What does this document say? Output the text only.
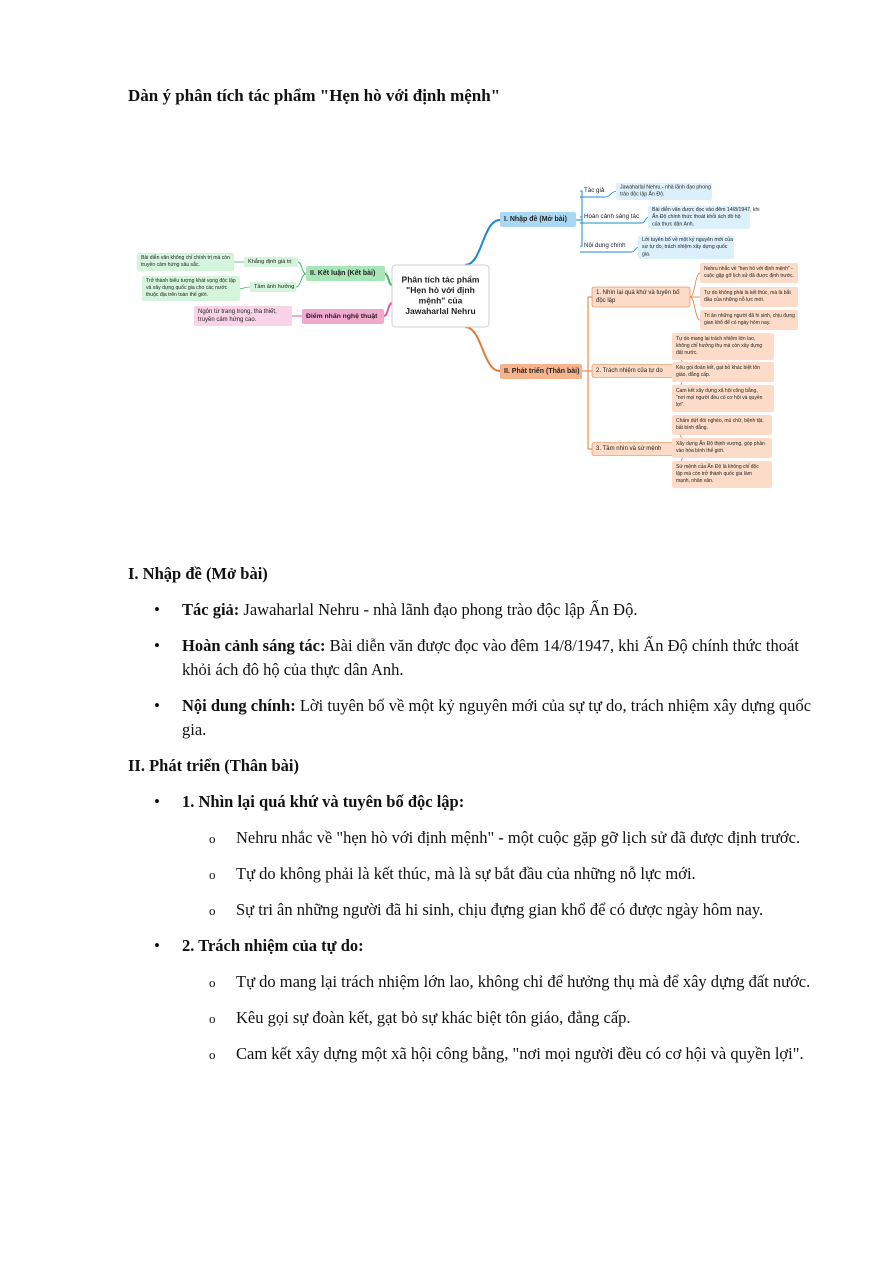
Dàn ý phân tích tác phẩm "Hẹn hò với định mệnh"
Phân tích tác phẩm
"Hẹn hò với định
mệnh" của
Jawaharlal Nehru
I. Nhập đề (Mở bài)
Tác giả	Jawaharlal Nehru - nhà lãnh đạo phong
trào độc lập Ấn Độ.
Hoàn cảnh sáng tác
Bài diễn văn được đọc vào đêm 14/8/1947, khi
Ấn Độ chính thức thoát khỏi ách đô hộ
của thực dân Anh.
Nội dung chính
Lời tuyên bố về một kỷ nguyên mới của
sự tự do, trách nhiệm xây dựng quốc
gia.
II. Phát triển (Thân bài)
1. Nhìn lại quá khứ và tuyên bố
độc lập
Nehru nhắc về "hẹn hò với định mệnh" -
cuộc gặp gỡ lịch sử đã được định trước.
Tự do không phải là kết thúc, mà là bắt
đầu của những nỗ lực mới.
Tri ân những người đã hi sinh, chịu đựng
gian khổ để có ngày hôm nay.
2. Trách nhiệm của tự do
Tự do mang lại trách nhiệm lớn lao,
không chỉ hưởng thụ mà còn xây dựng
đất nước.
Kêu gọi đoàn kết, gạt bỏ khác biệt tôn
giáo, đẳng cấp.
Cam kết xây dựng xã hội công bằng,
"nơi mọi người đều có cơ hội và quyền
lợi".
3. Tầm nhìn và sứ mệnh
Chấm dứt đói nghèo, mù chữ, bệnh tật,
bất bình đẳng.
Xây dựng Ấn Độ thịnh vượng, góp phần
vào hòa bình thế giới.
Sứ mệnh của Ấn Độ là không chỉ độc
lập mà còn trở thành quốc gia làm
mạnh, nhân văn.
II. Kết luận (Kết bài)
Khẳng định giá trị
Bài diễn văn không chỉ chính trị mà còn
truyền cảm hứng sâu sắc.
Tầm ảnh hưởng
Trở thành biểu tượng khát vọng độc lập
và xây dựng quốc gia cho các nước
thuộc địa trên toàn thế giới.
Điểm nhấn nghệ thuật
Ngôn từ trang trọng, tha thiết,
truyền cảm hứng cao.

I. Nhập đề (Mở bài)

• Tác giả: Jawaharlal Nehru - nhà lãnh đạo phong trào độc lập Ấn Độ.
• Hoàn cảnh sáng tác: Bài diễn văn được đọc vào đêm 14/8/1947, khi Ấn Độ chính thức thoát khỏi ách đô hộ của thực dân Anh.
• Nội dung chính: Lời tuyên bố về một kỷ nguyên mới của sự tự do, trách nhiệm xây dựng quốc gia.

II. Phát triển (Thân bài)

• 1. Nhìn lại quá khứ và tuyên bố độc lập:
o Nehru nhắc về "hẹn hò với định mệnh" - một cuộc gặp gỡ lịch sử đã được định trước.
o Tự do không phải là kết thúc, mà là sự bắt đầu của những nỗ lực mới.
o Sự tri ân những người đã hi sinh, chịu đựng gian khổ để có được ngày hôm nay.
• 2. Trách nhiệm của tự do:
o Tự do mang lại trách nhiệm lớn lao, không chỉ để hưởng thụ mà để xây dựng đất nước.
o Kêu gọi sự đoàn kết, gạt bỏ sự khác biệt tôn giáo, đẳng cấp.
o Cam kết xây dựng một xã hội công bằng, "nơi mọi người đều có cơ hội và quyền lợi".
